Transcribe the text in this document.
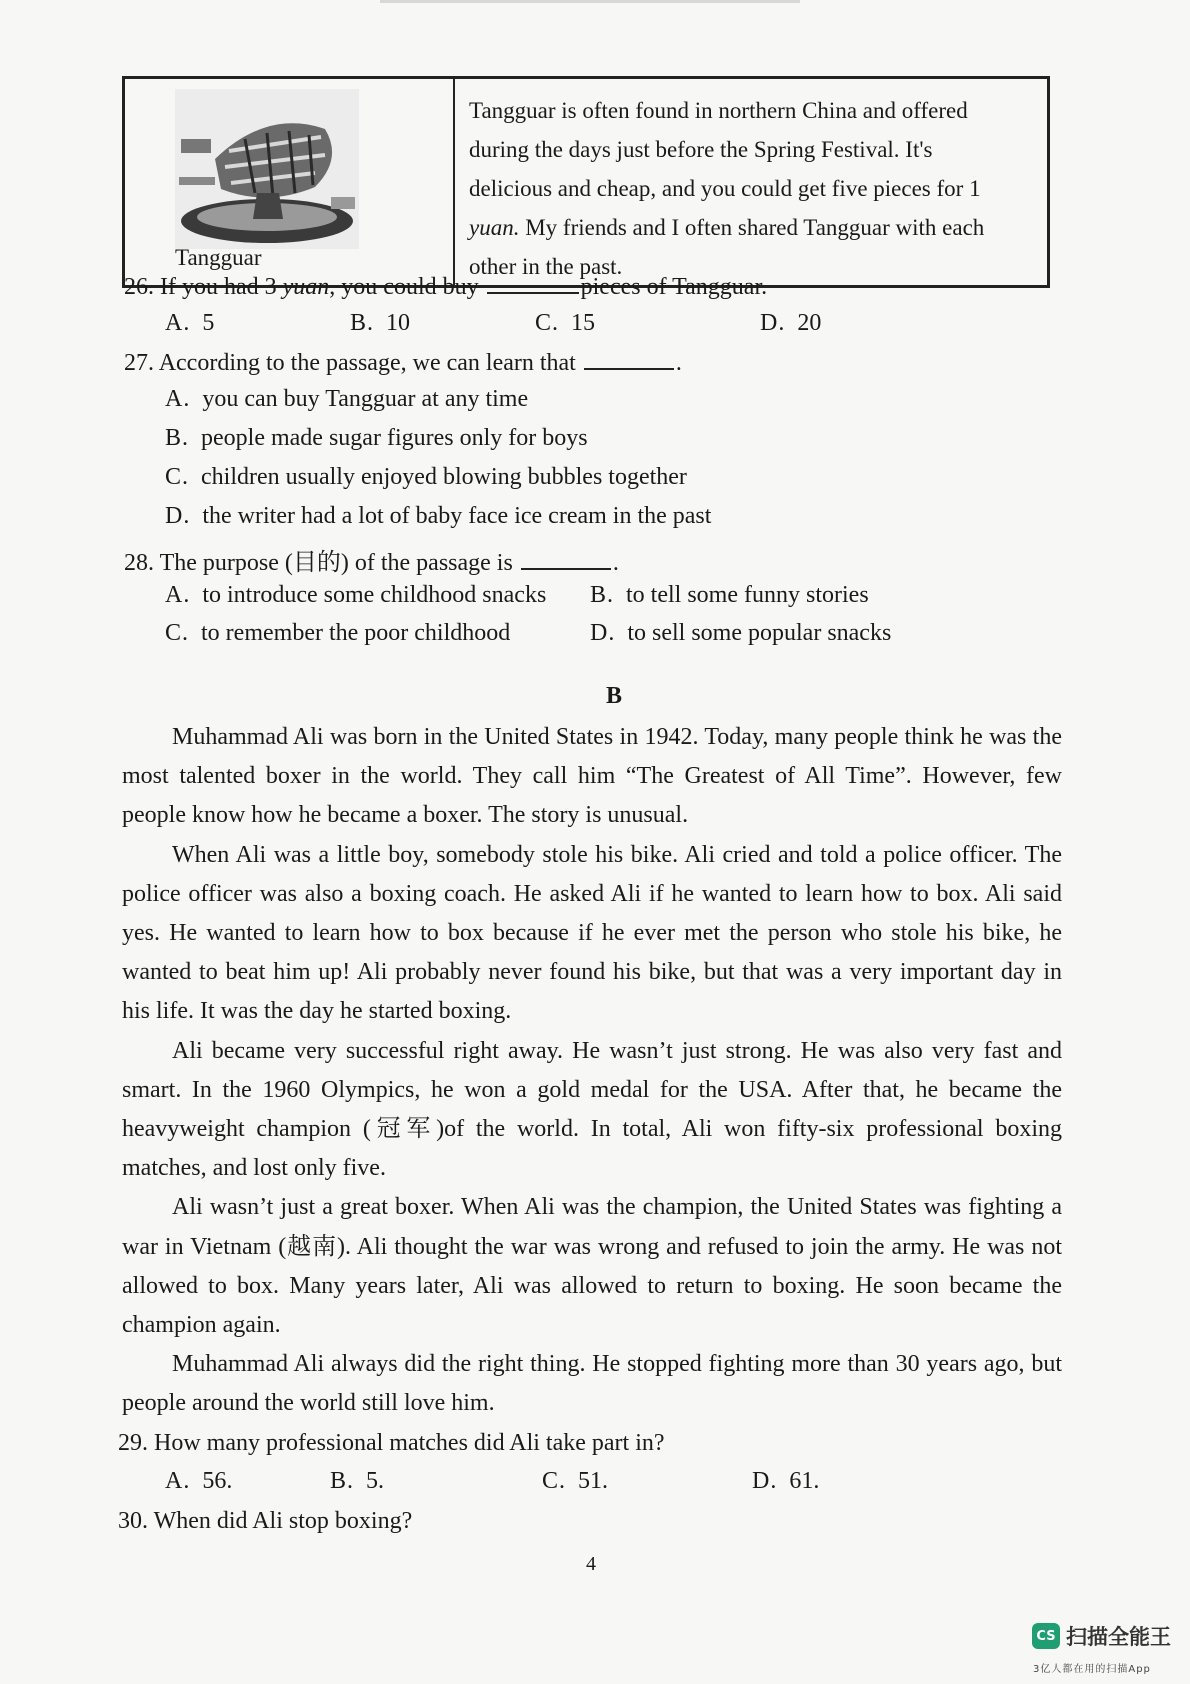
Tangguar
Tangguar is often found in northern China and offered
during the days just before the Spring Festival. It's
delicious and cheap, and you could get five pieces for 1
yuan. My friends and I often shared Tangguar with each
other in the past.
26. If you had 3 yuan, you could buy	pieces of Tangguar.
A. 5	B. 10	C. 15	D. 20
27. According to the passage, we can learn that	.
A. you can buy Tangguar at any time
B. people made sugar figures only for boys
C. children usually enjoyed blowing bubbles together
D. the writer had a lot of baby face ice cream in the past
28. The purpose (目的) of the passage is	.
A. to introduce some childhood snacks B. to tell some funny stories
C. to remember the poor childhood	D. to sell some popular snacks
B

Muhammad Ali was born in the United States in 1942. Today, many people think he was the most talented boxer in the world. They call him “The Greatest of All Time”. However, few people know how he became a boxer. The story is unusual.

When Ali was a little boy, somebody stole his bike. Ali cried and told a police officer. The police officer was also a boxing coach. He asked Ali if he wanted to learn how to box. Ali said yes. He wanted to learn how to box because if he ever met the person who stole his bike, he wanted to beat him up! Ali probably never found his bike, but that was a very important day in his life. It was the day he started boxing.

Ali became very successful right away. He wasn’t just strong. He was also very fast and smart. In the 1960 Olympics, he won a gold medal for the USA. After that, he became the heavyweight champion (冠军)of the world. In total, Ali won fifty-six professional boxing matches, and lost only five.

Ali wasn’t just a great boxer. When Ali was the champion, the United States was fighting a war in Vietnam (越南). Ali thought the war was wrong and refused to join the army. He was not allowed to box. Many years later, Ali was allowed to return to boxing. He soon became the champion again.

Muhammad Ali always did the right thing. He stopped fighting more than 30 years ago, but people around the world still love him.

29. How many professional matches did Ali take part in?
A. 56.	B. 5.	C. 51.	D. 61.
30. When did Ali stop boxing?
4
CS 扫描全能王
3亿人都在用的扫描App
